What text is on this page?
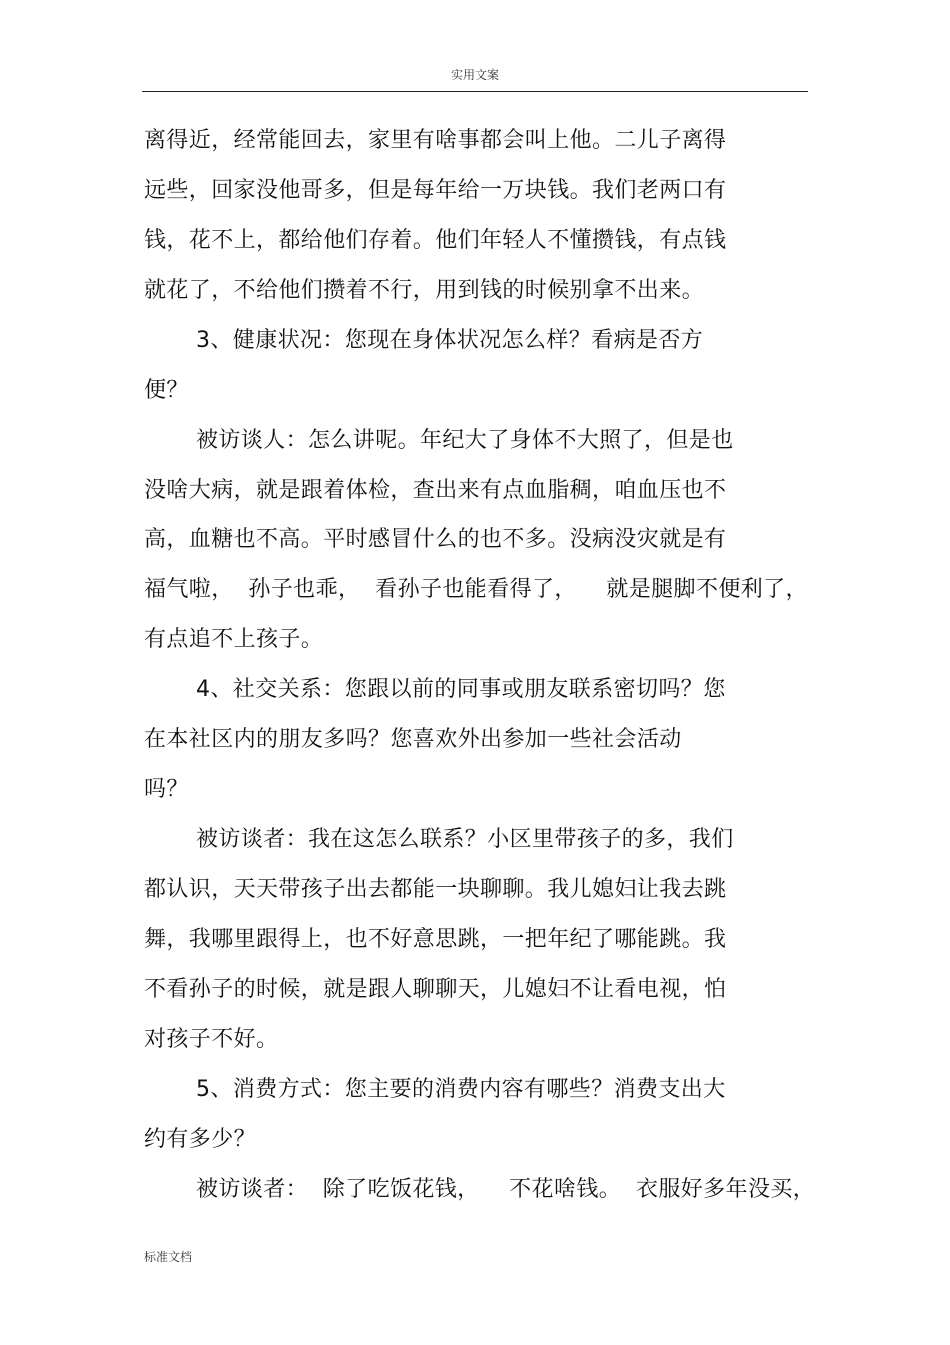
实用文案
离得近，经常能回去，家里有啥事都会叫上他。二儿子离得
远些，回家没他哥多，但是每年给一万块钱。我们老两口有
钱，花不上，都给他们存着。他们年轻人不懂攒钱，有点钱
就花了，不给他们攒着不行，用到钱的时候别拿不出来。
3、健康状况：您现在身体状况怎么样？看病是否方
便？
被访谈人：怎么讲呢。年纪大了身体不大照了，但是也
没啥大病，就是跟着体检，查出来有点血脂稠，咱血压也不
高，血糖也不高。平时感冒什么的也不多。没病没灾就是有
福气啦，  孙子也乖，  看孙子也能看得了，    就是腿脚不便利了，
有点追不上孩子。
4、社交关系：您跟以前的同事或朋友联系密切吗？您
在本社区内的朋友多吗？您喜欢外出参加一些社会活动
吗？
被访谈者：我在这怎么联系？小区里带孩子的多，我们
都认识，天天带孩子出去都能一块聊聊。我儿媳妇让我去跳
舞，我哪里跟得上，也不好意思跳，一把年纪了哪能跳。我
不看孙子的时候，就是跟人聊聊天，儿媳妇不让看电视，怕
对孩子不好。
5、消费方式：您主要的消费内容有哪些？消费支出大
约有多少？
被访谈者：  除了吃饭花钱，    不花啥钱。  衣服好多年没买，
标准文档
